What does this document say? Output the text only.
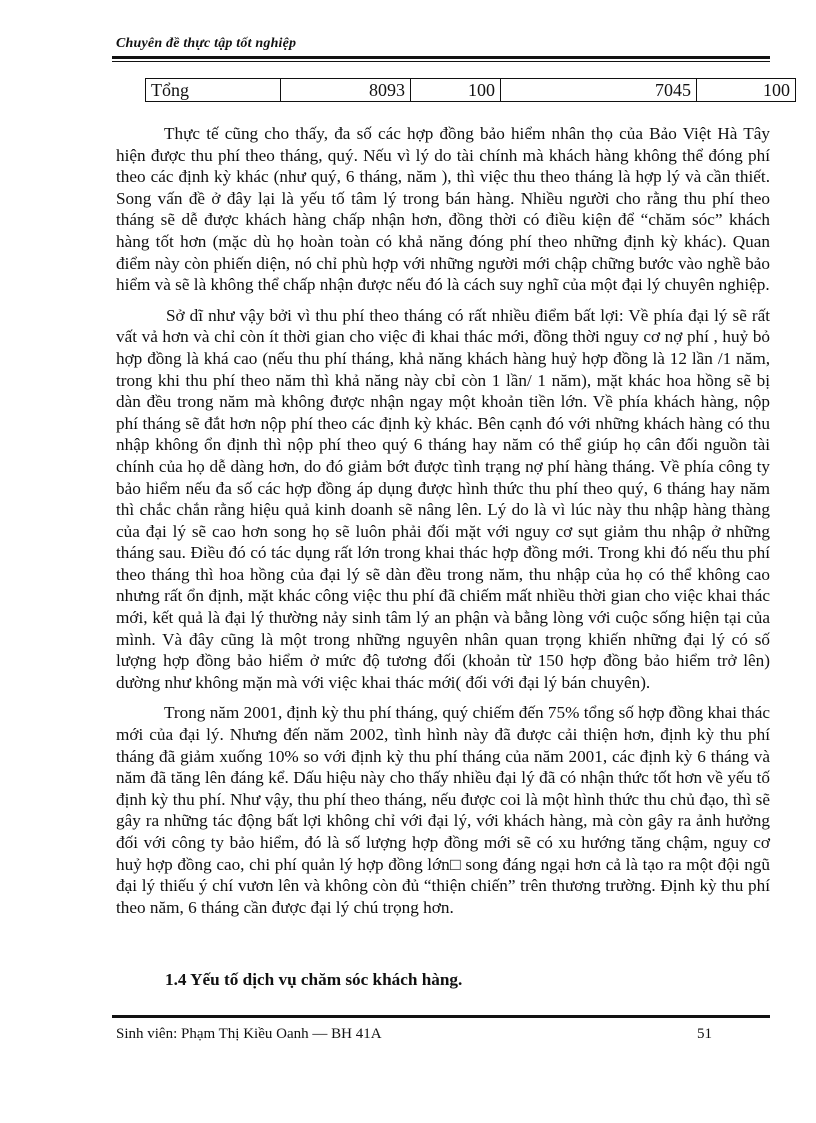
Chuyên đề thực tập tốt nghiệp
Tổng	8093	100	7045	100

Thực tế cũng cho thấy, đa số các hợp đồng bảo hiểm nhân thọ của Bảo Việt Hà Tây hiện được thu phí theo tháng, quý. Nếu vì lý do tài chính mà khách hàng không thể đóng phí theo các định kỳ khác (như quý, 6 tháng, năm ), thì việc thu theo tháng là hợp lý và cần thiết. Song vấn đề ở đây lại là yếu tố tâm lý trong bán hàng. Nhiều người cho rằng thu phí theo tháng sẽ dễ được khách hàng chấp nhận hơn, đồng thời có điều kiện để “chăm sóc” khách hàng tốt hơn (mặc dù họ hoàn toàn có khả năng đóng phí theo những định kỳ khác). Quan điểm này còn phiến diện, nó chỉ phù hợp với những người mới chập chững bước vào nghề bảo hiểm và sẽ là không thể chấp nhận được nếu đó là cách suy nghĩ của một đại lý chuyên nghiệp.

Sở dĩ như vậy bởi vì thu phí theo tháng có rất nhiều điểm bất lợi: Về phía đại lý sẽ rất vất vả hơn và chỉ còn ít thời gian cho việc đi khai thác mới, đồng thời nguy cơ nợ phí , huỷ bỏ hợp đồng là khá cao (nếu thu phí tháng, khả năng khách hàng huỷ hợp đồng là 12 lần /1 năm, trong khi thu phí theo năm thì khả năng này cbỉ còn 1 lần/ 1 năm), mặt khác hoa hồng sẽ bị dàn đều trong năm mà không được nhận ngay một khoản tiền lớn. Về phía khách hàng, nộp phí tháng sẽ đắt hơn nộp phí theo các định kỳ khác. Bên cạnh đó với những khách hàng có thu nhập không ổn định thì nộp phí theo quý 6 tháng hay năm có thể giúp họ cân đối nguồn tài chính của họ dễ dàng hơn, do đó giảm bớt được tình trạng nợ phí hàng tháng. Về phía công ty bảo hiểm nếu đa số các hợp đồng áp dụng được hình thức thu phí theo quý, 6 tháng hay năm thì chắc chắn rằng hiệu quả kinh doanh sẽ nâng lên. Lý do là vì lúc này thu nhập hàng thàng của đại lý sẽ cao hơn song họ sẽ luôn phải đối mặt với nguy cơ sụt giảm thu nhập ở những tháng sau. Điều đó có tác dụng rất lớn trong khai thác hợp đồng mới. Trong khi đó nếu thu phí theo tháng thì hoa hồng của đại lý sẽ dàn đều trong năm, thu nhập của họ có thể không cao nhưng rất ổn định, mặt khác công việc thu phí đã chiếm mất nhiều thời gian cho việc khai thác mới, kết quả là đại lý thường nảy sinh tâm lý an phận và bằng lòng với cuộc sống hiện tại của mình. Và đây cũng là một trong những nguyên nhân quan trọng khiến những đại lý có số lượng hợp đồng bảo hiểm ở mức độ tương đối (khoản từ 150 hợp đồng bảo hiểm trở lên) dường như không mặn mà với việc khai thác mới( đối với đại lý bán chuyên).

Trong năm 2001, định kỳ thu phí tháng, quý chiếm đến 75% tổng số hợp đồng khai thác mới của đại lý. Nhưng đến năm 2002, tình hình này đã được cải thiện hơn, định kỳ thu phí tháng đã giảm xuống 10% so với định kỳ thu phí tháng của năm 2001, các định kỳ 6 tháng và năm đã tăng lên đáng kể. Dấu hiệu này cho thấy nhiều đại lý đã có nhận thức tốt hơn về yếu tố định kỳ thu phí. Như vậy, thu phí theo tháng, nếu được coi là một hình thức thu chủ đạo, thì sẽ gây ra những tác động bất lợi không chỉ với đại lý, với khách hàng, mà còn gây ra ảnh hưởng đối với công ty bảo hiểm, đó là số lượng hợp đồng mới sẽ có xu hướng tăng chậm, nguy cơ huỷ hợp đồng cao, chi phí quản lý hợp đồng lớn□ song đáng ngại hơn cả là tạo ra một đội ngũ đại lý thiếu ý chí vươn lên và không còn đủ “thiện chiến” trên thương trường. Định kỳ thu phí theo năm, 6 tháng cần được đại lý chú trọng hơn.

1.4 Yếu tố dịch vụ chăm sóc khách hàng.
Sinh viên: Phạm Thị Kiều Oanh — BH 41A	51
